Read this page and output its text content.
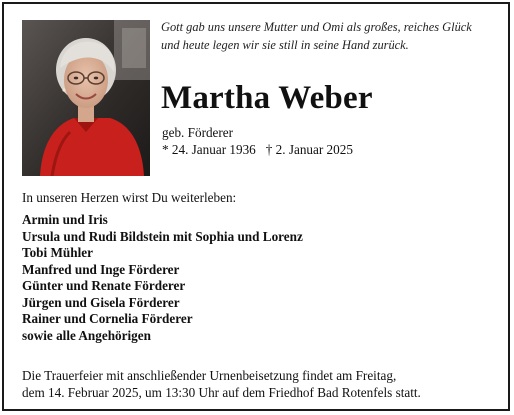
Gott gab uns unsere Mutter und Omi als großes, reiches Glück
und heute legen wir sie still in seine Hand zurück.
Martha Weber
geb. Förderer
* 24. Januar 1936 † 2. Januar 2025
In unseren Herzen wirst Du weiterleben:
Armin und Iris
Ursula und Rudi Bildstein mit Sophia und Lorenz
Tobi Mühler
Manfred und Inge Förderer
Günter und Renate Förderer
Jürgen und Gisela Förderer
Rainer und Cornelia Förderer
sowie alle Angehörigen
Die Trauerfeier mit anschließender Urnenbeisetzung findet am Freitag,
dem 14. Februar 2025, um 13:30 Uhr auf dem Friedhof Bad Rotenfels statt.
